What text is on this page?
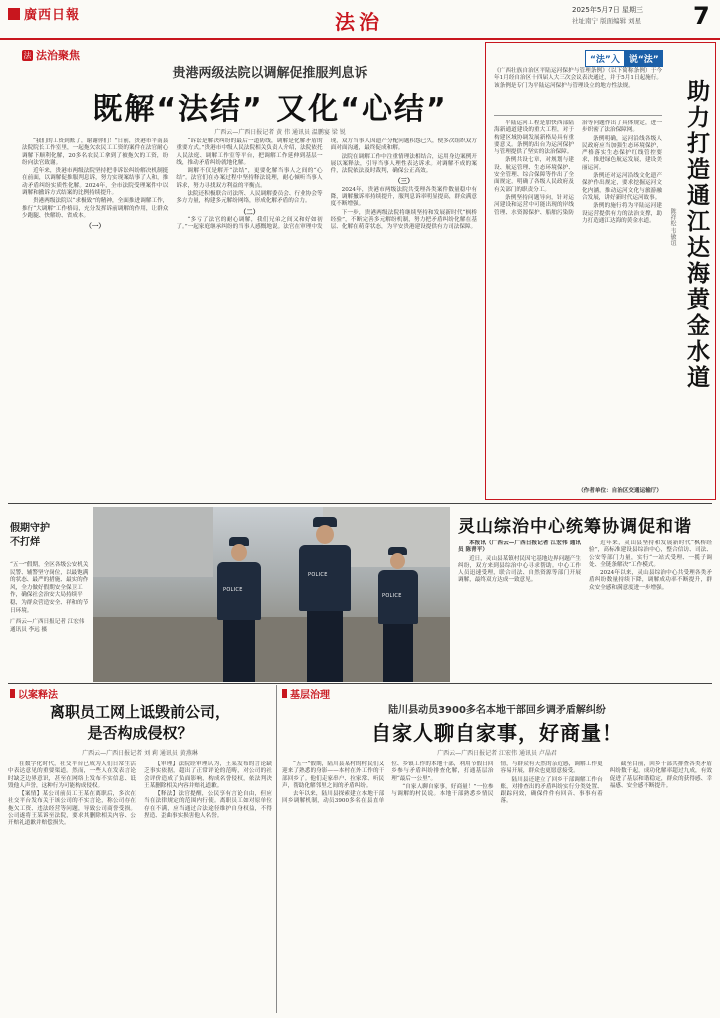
廣西日報	法治	2025年5月7日 星期三
社址南宁 版面编辑 刘星 7
法 法治聚焦
贵港两级法院以调解促推服判息诉
既解“法结” 又化“心结”
广西云—广西日报记者 黄 伟 通讯员 温鹏宴 梁 锐

“我们的工资到账了，谢谢你们！”日前，贵港市平南县法院院长工作室里，一起拖欠农民工工资的案件在法官耐心调解下顺利化解，20多名农民工拿到了被拖欠的工资，纷纷向法官致谢。

近年来，贵港市两级法院坚持把非诉讼纠纷解决机制挺在前面，以调解促推服判息诉，努力实现案结事了人和，推动矛盾纠纷实质性化解。2024年，全市法院受理案件中以调解和撤诉方式结案的比例持续提升。

贵港两级法院以“求极致”的精神，全面推进调解工作，推行“大调解”工作格局，充分发挥诉前调解的作用，让群众少跑腿、快解纷、省成本。

（一）

“诉讼是解决纠纷的最后一道防线，调解是化解矛盾的重要方式。”贵港市中级人民法院相关负责人介绍，法院依托人民法庭、调解工作室等平台，把调解工作延伸到基层一线，推动矛盾纠纷就地化解。

调解不仅是解开“法结”，更要化解当事人之间的“心结”。法官们在办案过程中坚持释法说理，耐心倾听当事人诉求，努力寻找双方利益的平衡点。

法院还积极联合司法所、人民调解委员会、行业协会等多方力量，构建多元解纷网络，形成化解矛盾的合力。

（二）

“多亏了法官的耐心调解，我们兄弟之间又和好如初了。”一起家庭继承纠纷的当事人感慨地说。法官在审理中发现，双方当事人因遗产分配问题积怨已久，便多次组织双方面对面沟通，最终促成和解。

法院在调解工作中注重情理法相结合，运用身边案例开展以案释法，引导当事人理性表达诉求。对调解不成的案件，法院依法及时裁判，确保公正高效。

（三）

2024年，贵港市两级法院共受理各类案件数量稳中有降，调解撤诉率持续提升，服判息诉率明显提高，群众满意度不断增强。

下一步，贵港两级法院将继续坚持和发展新时代“枫桥经验”，不断完善多元解纷机制，努力把矛盾纠纷化解在基层、化解在萌芽状态，为平安贵港建设提供有力司法保障。

“法”入	说“法”
《广西壮族自治区平陆运河保护与管理条例》（以下简称条例）于今年1月经自治区十四届人大三次会议表决通过，并于5月1日起施行。该条例是专门为平陆运河保护与管理设立的地方性法规。

平陆运河工程是加快西部陆海新通道建设的重大工程，对于构建区域协调发展新格局具有重要意义。条例的出台为运河保护与管理提供了坚实的法治保障。

条例共设七章，对规划与建设、航运管理、生态环境保护、安全管理、综合保障等作出了全面规定，明确了各级人民政府及有关部门的职责分工。

条例坚持问题导向，针对运河建设和运营中可能出现的岸线管理、水资源保护、船舶污染防治等问题作出了具体规定，进一步织密了法治保障网。

条例明确，运河沿线各级人民政府应当加强生态环境保护，严格落实生态保护红线管控要求，推进绿色航运发展，建设美丽运河。

条例还对运河沿线文化遗产保护作出规定，要求挖掘运河文化内涵，推动运河文化与旅游融合发展，讲好新时代运河故事。

条例的施行将为平陆运河建设运营提供有力的法治支撑，助力打造通江达海的黄金水道。

（作者单位：自治区交通运输厅）
助力打造通江达海黄金水道
陈祥松 韦敏谊
假期守护
不打烊
“五一”假期，全区各级公安机关民警、辅警坚守岗位，以最饱满的状态、最严的措施、最实的作风，全力做好假期安全保卫工作，确保社会治安大局持续平稳，为群众营造安全、祥和的节日环境。
广西云—广西日报记者 江宏伟 通讯员 李远 摄
POLICE
POLICE
POLICE
灵山综治中心统筹协调促和谐

本报讯（广西云—广西日报记者 江宏伟 通讯员 陈青平）

近日，灵山县某镇村民因宅基地边界问题产生纠纷，双方来到县综治中心寻求帮助。中心工作人员迅速受理，联合司法、自然资源等部门开展调解，最终双方达成一致意见。

近年来，灵山县坚持和发展新时代“枫桥经验”，高标准建设县综治中心，整合信访、司法、公安等部门力量，实行“一站式受理、一揽子调处、全链条解决”工作模式。

2024年以来，灵山县综治中心共受理各类矛盾纠纷数量持续下降，调解成功率不断提升，群众安全感和满意度进一步增强。

以案释法
离职员工网上诋毁前公司，
是否构成侵权？
广西云—广西日报记者 刘 莉 通讯员 黄燕琳

在数字化时代，社交平台已成为人们日常生活中表达意见的重要渠道。然而，一些人在发表言论时缺乏边界意识，甚至在网络上发布不实信息、诋毁他人声誉，这种行为可能构成侵权。

【案情】某公司前员工王某在离职后，多次在社交平台发布关于该公司的不实言论，称公司存在拖欠工资、违法经营等问题，导致公司商誉受损。公司遂将王某诉至法院，要求其删除相关内容、公开赔礼道歉并赔偿损失。

【审理】法院经审理认为，王某发布的言论缺乏事实依据，超出了正常评论的范畴，对公司的社会评价造成了负面影响，构成名誉侵权，依法判决王某删除相关内容并赔礼道歉。

【释法】法官提醒，公民享有言论自由，但应当在法律规定的范围内行使。离职员工如对原单位存在不满，应当通过合法途径维护自身权益，不得捏造、歪曲事实损害他人名誉。

基层治理
陆川县动员3900多名本地干部回乡调矛盾解纠纷
自家人聊自家事，好商量！
广西云—广西日报记者 江宏伟 通讯员 卢晶君

“五一”假期，陆川县某村的村民们又迎来了熟悉的身影——本村在外工作的干部回乡了。他们走家串户、拉家常、听民声，帮助化解邻里之间的矛盾纠纷。

去年以来，陆川县探索建立本地干部回乡调解机制，动员3900多名在县直单位、乡镇工作的本地干部，利用节假日回乡参与矛盾纠纷排查化解，打通基层治理“最后一公里”。

“自家人聊自家事，好商量！”一位参与调解的村民说。本地干部熟悉乡情民情，与群众有天然的亲近感，调解工作更容易开展，群众也更愿意接受。

陆川县还建立了回乡干部调解工作台账，对排查出的矛盾纠纷实行分类处置、跟踪问效，确保件件有回音、事事有着落。

截至目前，回乡干部共排查各类矛盾纠纷数千起，成功化解率超过九成，有效促进了基层和谐稳定，群众的获得感、幸福感、安全感不断提升。
